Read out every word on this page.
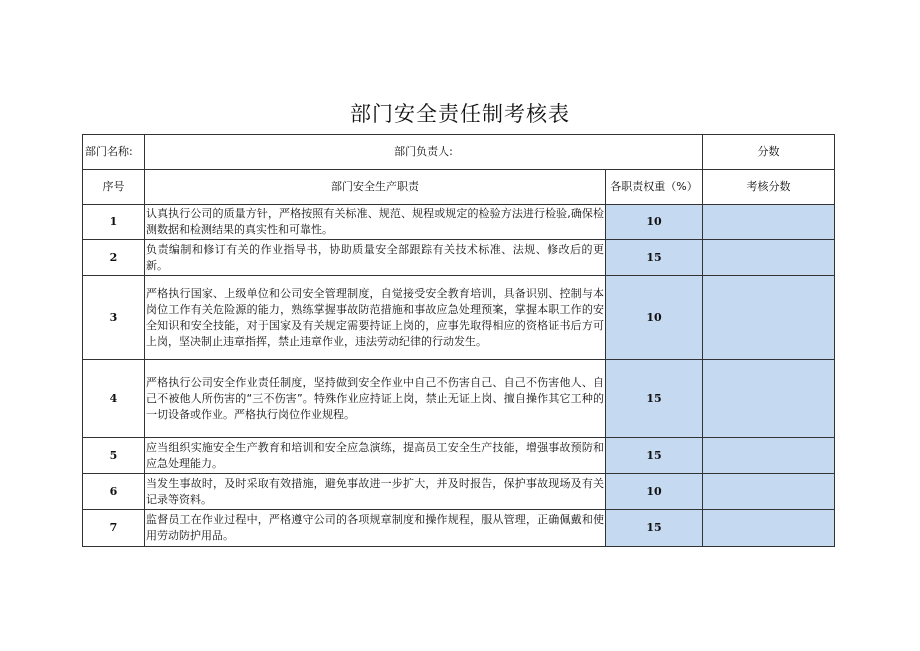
部门安全责任制考核表
部门名称:	部门负责人:		分数
序号	部门安全生产职责	各职责权重（%）	考核分数
1	认真执行公司的质量方针，严格按照有关标准、规范、规程或规定的检验方法进行检验,确保检测数据和检测结果的真实性和可靠性。	10	
2	负责编制和修订有关的作业指导书，协助质量安全部跟踪有关技术标准、法规、修改后的更新。	15	
3	严格执行国家、上级单位和公司安全管理制度，自觉接受安全教育培训，具备识别、控制与本岗位工作有关危险源的能力，熟练掌握事故防范措施和事故应急处理预案，掌握本职工作的安全知识和安全技能，对于国家及有关规定需要持证上岗的，应事先取得相应的资格证书后方可上岗，坚决制止违章指挥，禁止违章作业，违法劳动纪律的行动发生。	10	
4	严格执行公司安全作业责任制度，坚持做到安全作业中自己不伤害自己、自己不伤害他人、自己不被他人所伤害的“三不伤害”。特殊作业应持证上岗，禁止无证上岗、擅自操作其它工种的一切设备或作业。严格执行岗位作业规程。	15	
5	应当组织实施安全生产教育和培训和安全应急演练，提高员工安全生产技能，增强事故预防和应急处理能力。	15	
6	当发生事故时，及时采取有效措施，避免事故进一步扩大，并及时报告，保护事故现场及有关记录等资料。	10	
7	监督员工在作业过程中，严格遵守公司的各项规章制度和操作规程，服从管理，正确佩戴和使用劳动防护用品。	15	
